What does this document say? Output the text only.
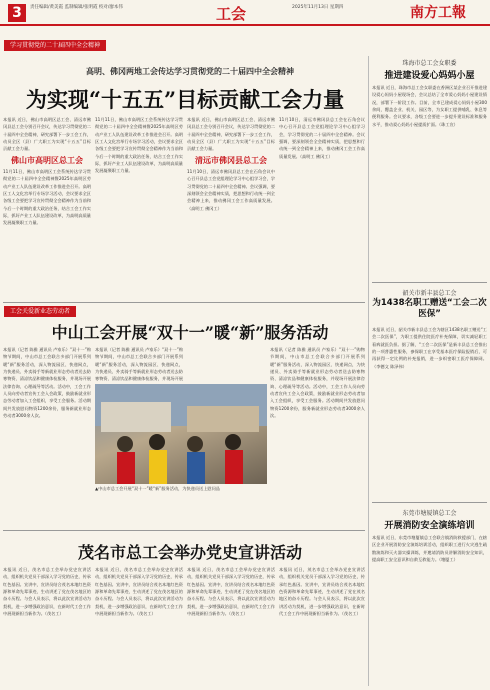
3	责任编辑/黄美霞 监制编辑/张明霞 校对/廖本伟	2025年11月13日 星期四
工会	南方工報
学习贯彻党的二十届四中全会精神
高明、佛冈两地工会传达学习贯彻党的二十届四中全会精神
为实现“十五五”目标贡献工会力量
本报讯 近日，佛山市高明区总工会、清远市佛冈县总工会分别召开会议，传达学习贯彻党的二十届四中全会精神，研究部署下一步工会工作，动员全区（县）广大职工为实现“十五五”目标贡献工会力量。
佛山市高明区总工会
11月11日，佛山市高明区工会系统传达学习贯彻党的二十届四中全会精神暨2025年高明区劳动产业工人队伍建设改革工作推进会召开。高明区工人文化宫举行专场学习活动，会议要求全区各级工会要把学习宣传贯彻全会精神作为当前和今后一个时期的重大政治任务，结合工会工作实际，抓好产业工人队伍建设改革，为高明高质量发展凝聚职工力量。
11月11日，佛山市高明区工会系统传达学习贯彻党的二十届四中全会精神暨2025年高明区劳动产业工人队伍建设改革工作推进会召开。高明区工人文化宫举行专场学习活动，会议要求全区各级工会要把学习宣传贯彻全会精神作为当前和今后一个时期的重大政治任务，结合工会工作实际，抓好产业工人队伍建设改革，为高明高质量发展凝聚职工力量。
本报讯 近日，佛山市高明区总工会、清远市佛冈县总工会分别召开会议，传达学习贯彻党的二十届四中全会精神，研究部署下一步工会工作，动员全区（县）广大职工为实现“十五五”目标贡献工会力量。
清远市佛冈县总工会
11月10日，清远市佛冈县总工会在石角会议中心召开县总工会党组理论学习中心组学习会，学习贯彻党的二十届四中全会精神。会议强调，要深刻领会全会精神实质，把思想和行动统一到全会精神上来，推动佛冈工会工作高质量发展。（高明工 佛冈工）
11月10日，清远市佛冈县总工会在石角会议中心召开县总工会党组理论学习中心组学习会，学习贯彻党的二十届四中全会精神。会议强调，要深刻领会全会精神实质，把思想和行动统一到全会精神上来，推动佛冈工会工作高质量发展。（高明工 佛冈工）
工会关爱新业态劳动者
中山工会开展“双十一”暖“新”服务活动
本报讯（记者 陈雅 通讯员 卢家乐）“双十一”购物节期间，中山市总工会联合多部门开展系列暖“新”服务活动，深入物流园区、快递网点，为快递员、外卖骑手等新就业形态劳动者送去防寒物资、清凉饮品和健康体检服务，并现场开展法律咨询、心理疏导等活动。活动中，工会工作人员向劳动者宣传工会入会政策，鼓励新就业形态劳动者加入工会组织，享受工会服务。活动期间共发放慰问物资1200余份，服务新就业形态劳动者3000余人次。
本报讯（记者 陈雅 通讯员 卢家乐）“双十一”购物节期间，中山市总工会联合多部门开展系列暖“新”服务活动，深入物流园区、快递网点，为快递员、外卖骑手等新就业形态劳动者送去防寒物资、清凉饮品和健康体检服务，并现场开展
▲中山市总工会开展“双十一”暖“新”服务活动，为快递员送上慰问品
本报讯（记者 陈雅 通讯员 卢家乐）“双十一”购物节期间，中山市总工会联合多部门开展系列暖“新”服务活动，深入物流园区、快递网点，为快递员、外卖骑手等新就业形态劳动者送去防寒物资、清凉饮品和健康体检服务，并现场开展法律咨询、心理疏导等活动。活动中，工会工作人员向劳动者宣传工会入会政策，鼓励新就业形态劳动者加入工会组织，享受工会服务。活动期间共发放慰问物资1200余份，服务新就业形态劳动者3000余人次。
茂名市总工会举办党史宣讲活动
本报讯 近日，茂名市总工会举办党史宣讲活动，组织机关党员干部深入学习党的历史，传承红色基因。宣讲中，宣讲员结合茂名本地红色资源和革命先辈事迹，生动讲述了党在茂名地区的奋斗历程。与会人员表示，将以此次宣讲活动为契机，进一步增强政治意识，在新时代工会工作中展现新担当新作为。（茂名工）
本报讯 近日，茂名市总工会举办党史宣讲活动，组织机关党员干部深入学习党的历史，传承红色基因。宣讲中，宣讲员结合茂名本地红色资源和革命先辈事迹，生动讲述了党在茂名地区的奋斗历程。与会人员表示，将以此次宣讲活动为契机，进一步增强政治意识，在新时代工会工作中展现新担当新作为。（茂名工）
本报讯 近日，茂名市总工会举办党史宣讲活动，组织机关党员干部深入学习党的历史，传承红色基因。宣讲中，宣讲员结合茂名本地红色资源和革命先辈事迹，生动讲述了党在茂名地区的奋斗历程。与会人员表示，将以此次宣讲活动为契机，进一步增强政治意识，在新时代工会工作中展现新担当新作为。（茂名工）
本报讯 近日，茂名市总工会举办党史宣讲活动，组织机关党员干部深入学习党的历史，传承红色基因。宣讲中，宣讲员结合茂名本地红色资源和革命先辈事迹，生动讲述了党在茂名地区的奋斗历程。与会人员表示，将以此次宣讲活动为契机，进一步增强政治意识，在新时代工会工作中展现新担当新作为。（茂名工）
珠海市总工会女职委
推进建设爱心妈妈小屋
本报讯 近日，珠海市总工会女职委在香洲区某企业召开推进建设爱心妈妈小屋现场会，会议总结了全市爱心妈妈小屋建设情况，部署下一阶段工作。目前，全市已建成爱心妈妈小屋300余间，覆盖企业、机关、园区等，为女职工提供哺乳、休息等便利服务。会议要求，各级工会要进一步提升建设标准和服务水平，推动爱心妈妈小屋提质扩面。（珠工宣）
韶关市新丰县总工会
为1438名职工赠送“工会二次医保”
本报讯 近日，韶关市新丰县总工会为辖区1438名职工赠送“工会二次医保”，为职工提供住院医疗补充保障，切实减轻职工看病就医负担。据了解，“工会二次医保”是新丰县总工会推出的一项普惠性服务，参保职工在享受基本医疗保险报销后，可再获得一定比例的补充报销，进一步织密职工医疗保障网。（李德文 陈泽伟）
东莞市塘厦镇总工会
开展消防安全演练培训
本报讯 近日，东莞市塘厦镇总工会联合镇消防救援部门，在辖区企业开展消防安全演练培训活动，组织职工进行火灾逃生疏散演练和灭火器实操训练，并邀请消防员讲解消防安全知识，提高职工安全意识和自救互救能力。（塘厦工）
